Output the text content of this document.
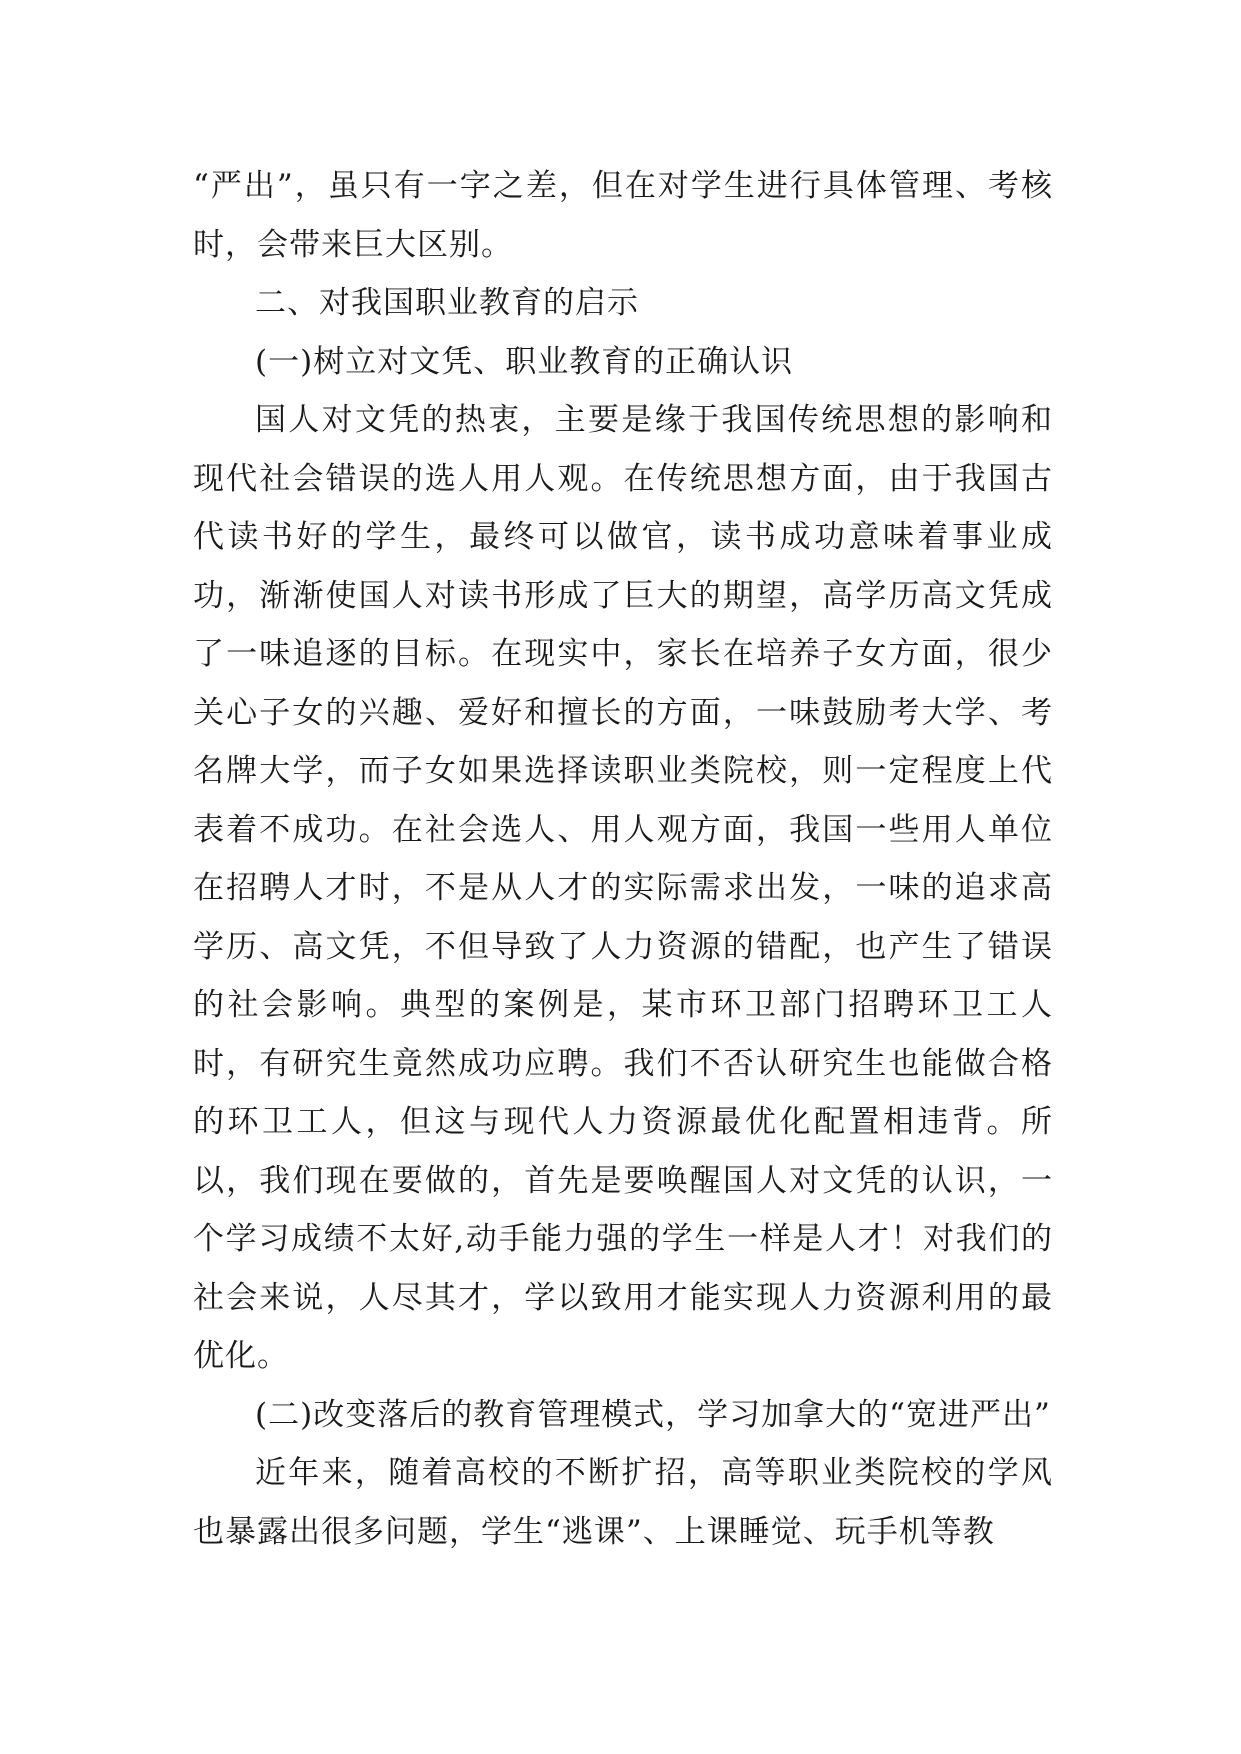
“严出”，虽只有一字之差，但在对学生进行具体管理、考核时，会带来巨大区别。

二、对我国职业教育的启示

(一)树立对文凭、职业教育的正确认识

国人对文凭的热衷，主要是缘于我国传统思想的影响和现代社会错误的选人用人观。在传统思想方面，由于我国古代读书好的学生，最终可以做官，读书成功意味着事业成功，渐渐使国人对读书形成了巨大的期望，高学历高文凭成了一味追逐的目标。在现实中，家长在培养子女方面，很少关心子女的兴趣、爱好和擅长的方面，一味鼓励考大学、考名牌大学，而子女如果选择读职业类院校，则一定程度上代表着不成功。在社会选人、用人观方面，我国一些用人单位在招聘人才时，不是从人才的实际需求出发，一味的追求高学历、高文凭，不但导致了人力资源的错配，也产生了错误的社会影响。典型的案例是，某市环卫部门招聘环卫工人时，有研究生竟然成功应聘。我们不否认研究生也能做合格的环卫工人，但这与现代人力资源最优化配置相违背。所以，我们现在要做的，首先是要唤醒国人对文凭的认识，一个学习成绩不太好,动手能力强的学生一样是人才！对我们的社会来说，人尽其才，学以致用才能实现人力资源利用的最优化。

(二)改变落后的教育管理模式，学习加拿大的“宽进严出”

近年来，随着高校的不断扩招，高等职业类院校的学风也暴露出很多问题，学生“逃课”、上课睡觉、玩手机等教
